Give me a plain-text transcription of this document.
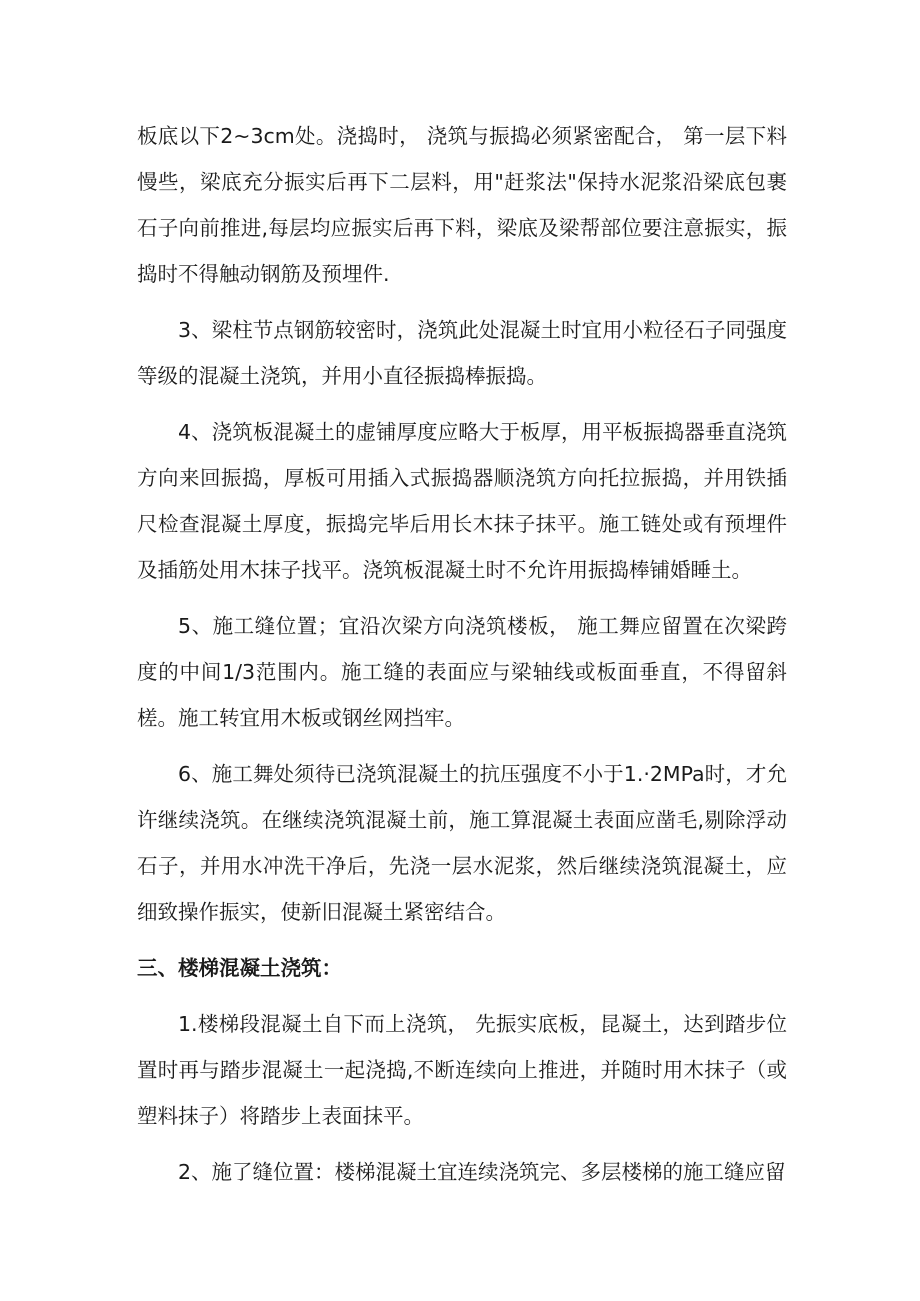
板底以下2~3cm处。浇捣时， 浇筑与振捣必须紧密配合， 第一层下料慢些，梁底充分振实后再下二层料，用"赶浆法"保持水泥浆沿梁底包裹石子向前推进,每层均应振实后再下料，梁底及梁帮部位要注意振实，振捣时不得触动钢筋及预埋件.

3、梁柱节点钢筋较密时，浇筑此处混凝土时宜用小粒径石子同强度等级的混凝土浇筑，并用小直径振捣棒振捣。

4、浇筑板混凝土的虚铺厚度应略大于板厚，用平板振捣器垂直浇筑方向来回振捣，厚板可用插入式振捣器顺浇筑方向托拉振捣，并用铁插尺检查混凝土厚度，振捣完毕后用长木抹子抹平。施工链处或有预埋件及插筋处用木抹子找平。浇筑板混凝土时不允许用振捣棒铺婚睡土。

5、施工缝位置；宜沿次梁方向浇筑楼板， 施工舞应留置在次梁跨度的中间1/3范围内。施工缝的表面应与梁轴线或板面垂直，不得留斜槎。施工转宜用木板或钢丝网挡牢。

6、施工舞处须待已浇筑混凝土的抗压强度不小于1.·2MPa时，才允许继续浇筑。在继续浇筑混凝土前，施工算混凝土表面应凿毛,剔除浮动石子，并用水冲洗干净后，先浇一层水泥浆，然后继续浇筑混凝土，应细致操作振实，使新旧混凝土紧密结合。

三、楼梯混凝土浇筑：

1.楼梯段混凝土自下而上浇筑， 先振实底板，昆凝土，达到踏步位置时再与踏步混凝土一起浇捣,不断连续向上推进，并随时用木抹子（或塑料抹子）将踏步上表面抹平。

2、施了缝位置：楼梯混凝土宜连续浇筑完、多层楼梯的施工缝应留
